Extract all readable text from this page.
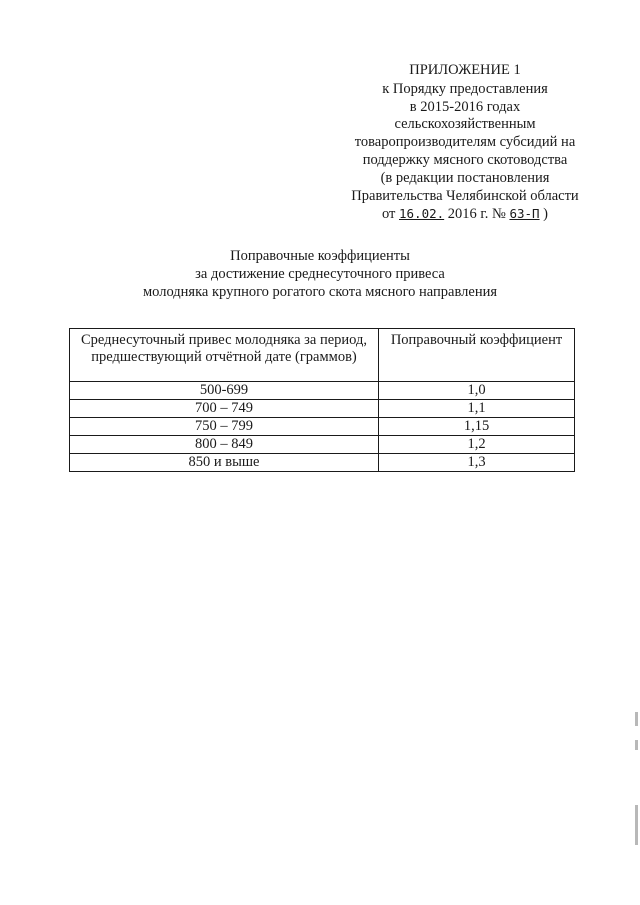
ПРИЛОЖЕНИЕ 1
к Порядку предоставления
в 2015-2016 годах
сельскохозяйственным
товаропроизводителям субсидий на
поддержку мясного скотоводства
(в редакции постановления
Правительства Челябинской области
от 16.02. 2016 г. № 63-П )
Поправочные коэффициенты
за достижение среднесуточного привеса
молодняка крупного рогатого скота мясного направления
Среднесуточный привес молодняка за период, предшествующий отчётной дате (граммов)	Поправочный коэффициент
500-699	1,0
700 – 749	1,1
750 – 799	1,15
800 – 849	1,2
850 и выше	1,3
